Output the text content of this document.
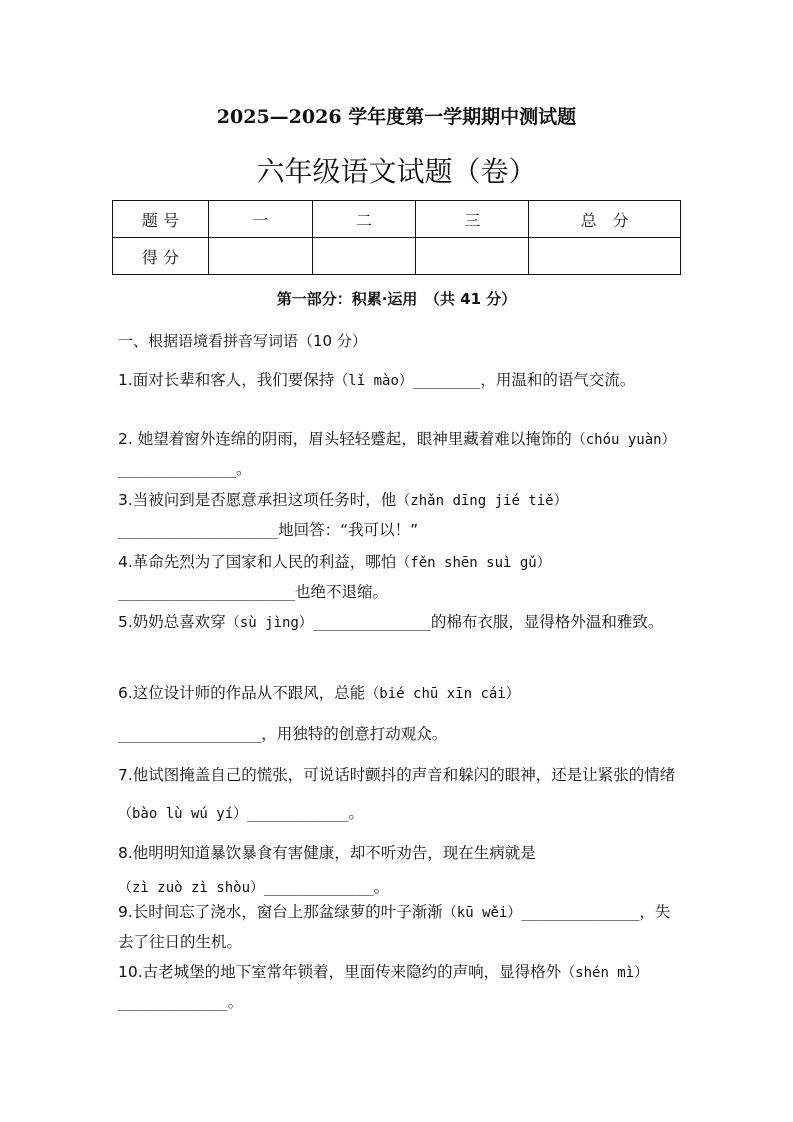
2025—2026 学年度第一学期期中测试题
六年级语文试题（卷）
题 号	一	二	三	总　分
得 分				
第一部分：积累·运用　（共 41 分）
一、根据语境看拼音写词语（10 分）

1.面对长辈和客人，我们要保持（lǐ mào）________，用温和的语气交流。

2. 她望着窗外连绵的阴雨，眉头轻轻蹙起，眼神里藏着难以掩饰的（chóu yuàn）______________。

3.当被问到是否愿意承担这项任务时，他（zhǎn dīng jié tiě）___________________地回答：“我可以！”

4.革命先烈为了国家和人民的利益，哪怕（fěn shēn suì gǔ）_____________________也绝不退缩。

5.奶奶总喜欢穿（sù jìng）______________的棉布衣服，显得格外温和雅致。

6.这位设计师的作品从不跟风，总能（bié chū xīn cái）_________________，用独特的创意打动观众。

7.他试图掩盖自己的慌张，可说话时颤抖的声音和躲闪的眼神，还是让紧张的情绪（bào lù wú yí）____________。

8.他明明知道暴饮暴食有害健康，却不听劝告，现在生病就是（zì zuò zì shòu）_____________。

9.长时间忘了浇水，窗台上那盆绿萝的叶子渐渐（kū wěi）______________，失去了往日的生机。

10.古老城堡的地下室常年锁着，里面传来隐约的声响，显得格外（shén mì）_____________。
